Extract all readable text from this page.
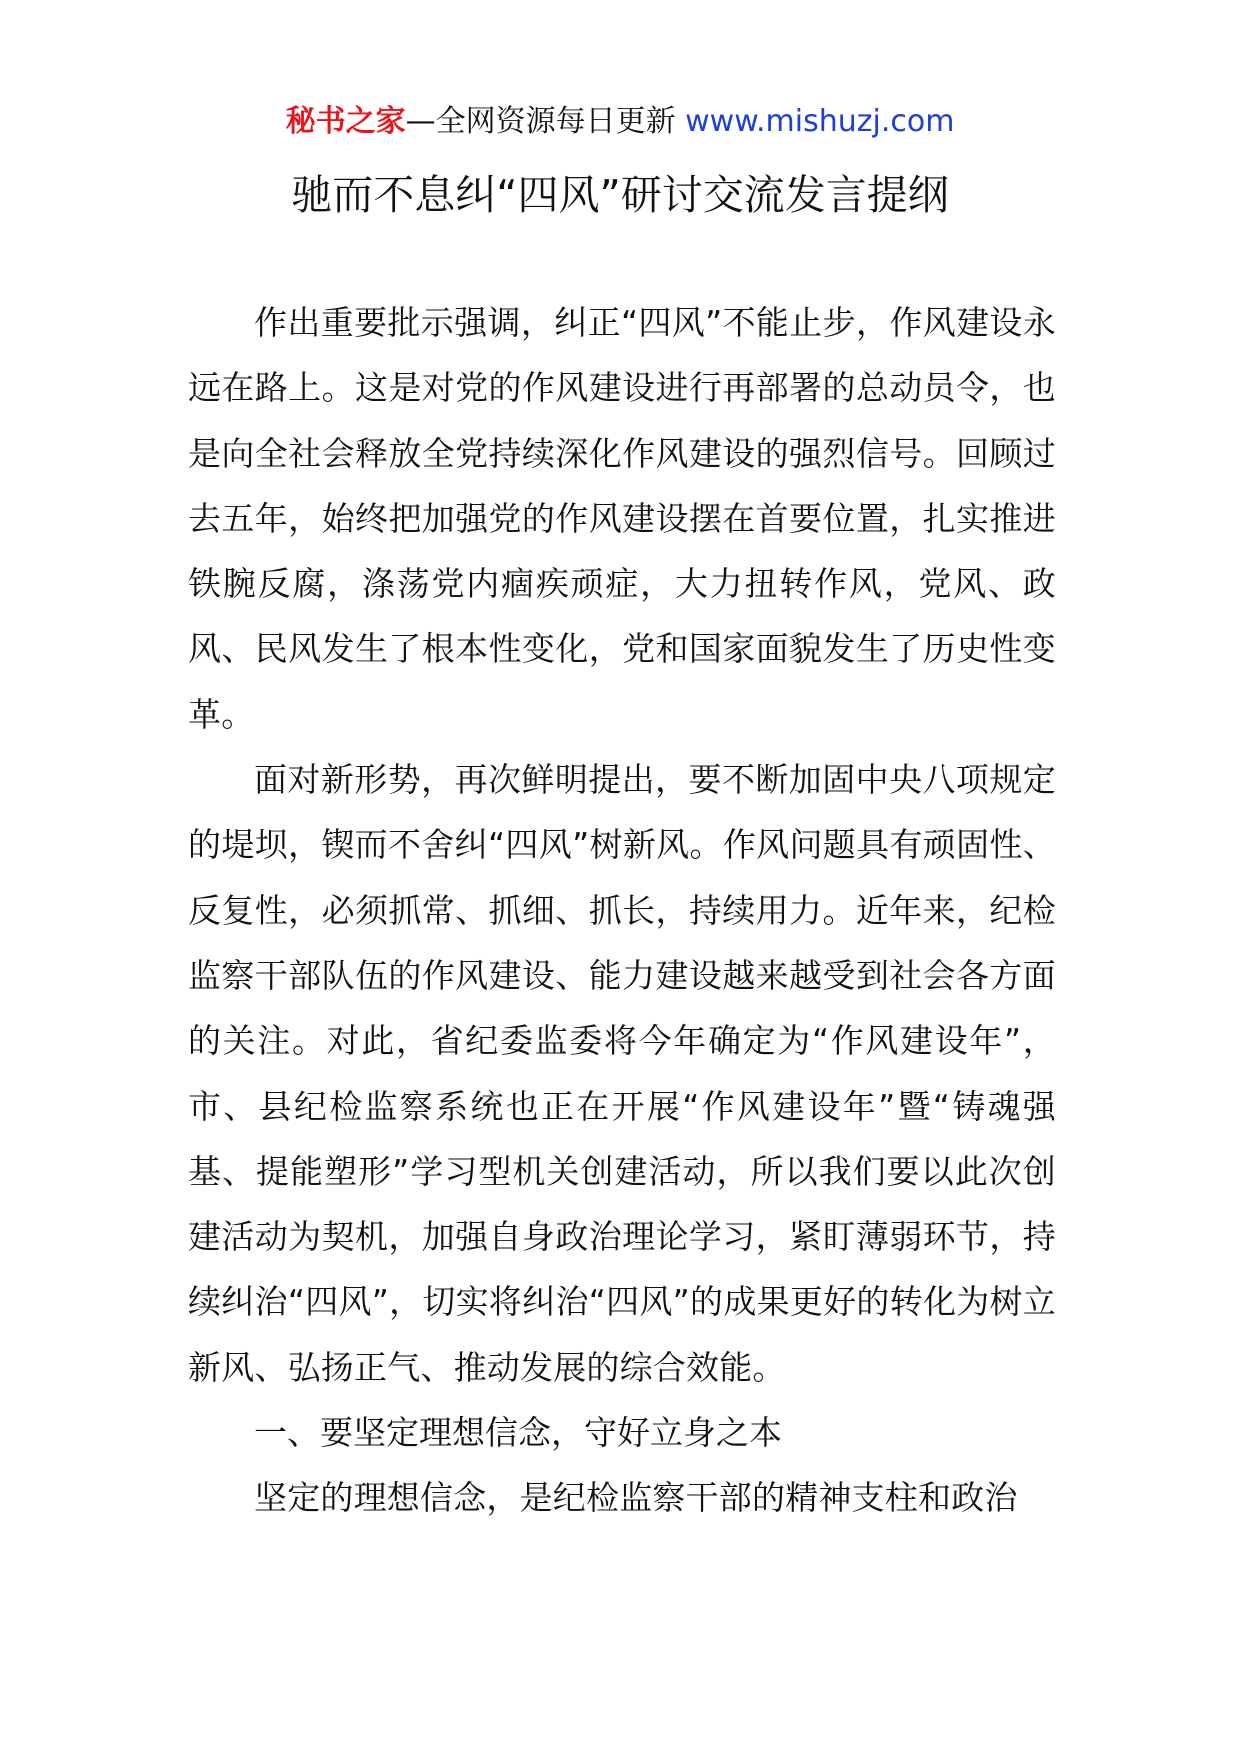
秘书之家—全网资源每日更新 www.mishuzj.com
驰而不息纠“四风”研讨交流发言提纲

作出重要批示强调，纠正“四风”不能止步，作风建设永远在路上。这是对党的作风建设进行再部署的总动员令，也是向全社会释放全党持续深化作风建设的强烈信号。回顾过去五年，始终把加强党的作风建设摆在首要位置，扎实推进铁腕反腐，涤荡党内痼疾顽症，大力扭转作风，党风、政风、民风发生了根本性变化，党和国家面貌发生了历史性变革。

面对新形势，再次鲜明提出，要不断加固中央八项规定的堤坝，锲而不舍纠“四风”树新风。作风问题具有顽固性、反复性，必须抓常、抓细、抓长，持续用力。近年来，纪检监察干部队伍的作风建设、能力建设越来越受到社会各方面的关注。对此，省纪委监委将今年确定为“作风建设年”，市、县纪检监察系统也正在开展“作风建设年”暨“铸魂强基、提能塑形”学习型机关创建活动，所以我们要以此次创建活动为契机，加强自身政治理论学习，紧盯薄弱环节，持续纠治“四风”，切实将纠治“四风”的成果更好的转化为树立新风、弘扬正气、推动发展的综合效能。

一、要坚定理想信念，守好立身之本

坚定的理想信念，是纪检监察干部的精神支柱和政治
